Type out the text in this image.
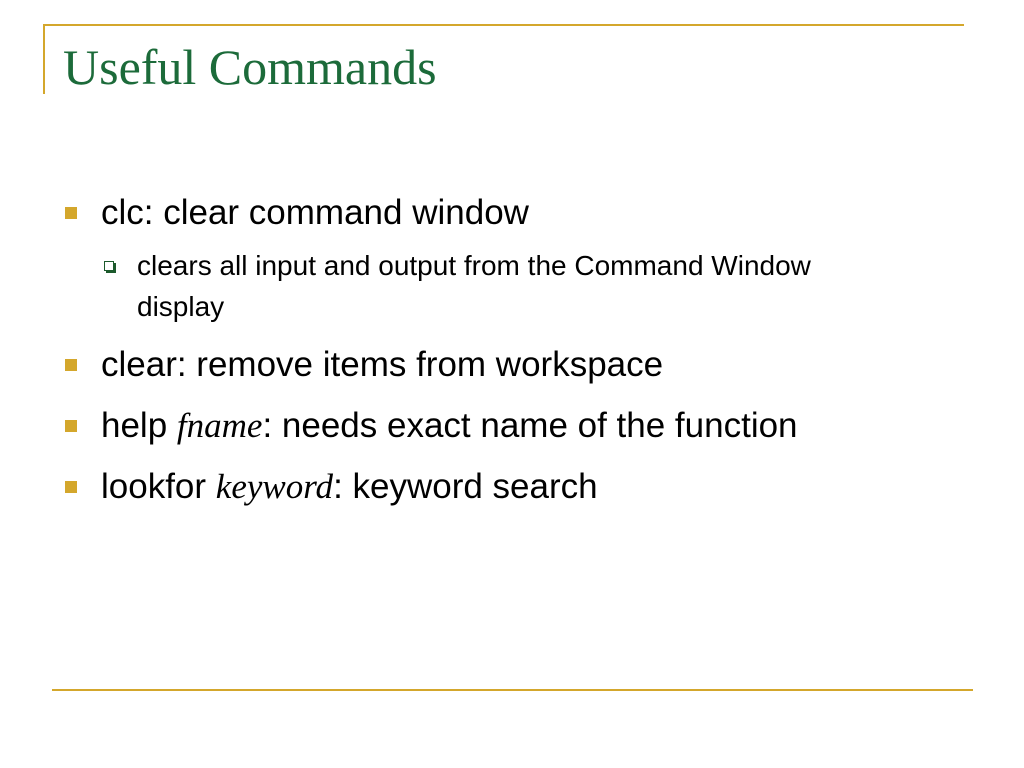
Useful Commands
clc: clear command window
clears all input and output from the Command Window display
clear: remove items from workspace
help fname: needs exact name of the function
lookfor keyword: keyword search
